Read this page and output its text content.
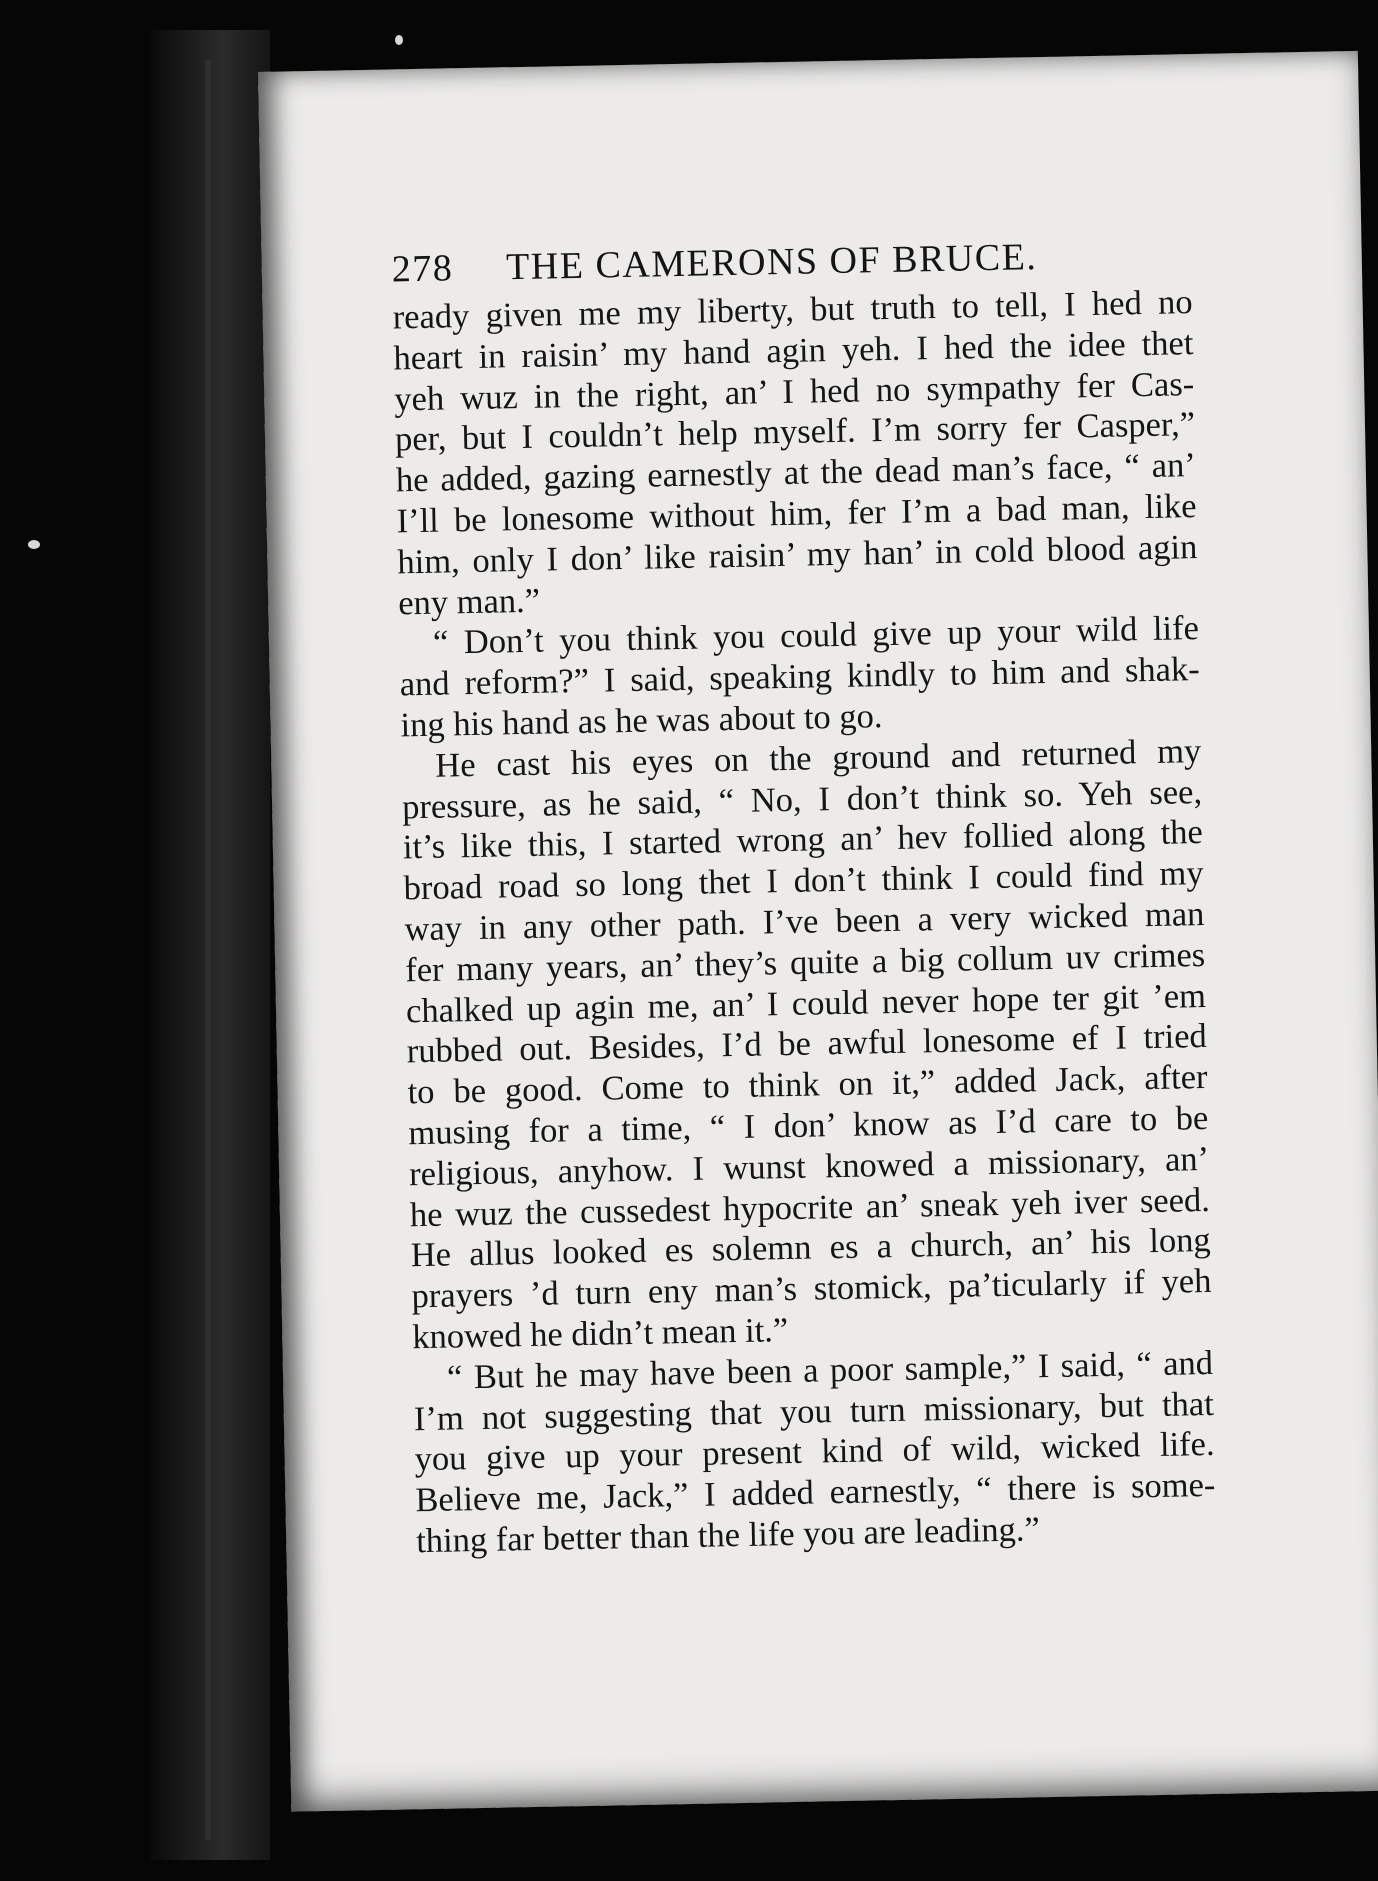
278 THE CAMERONS OF BRUCE.
ready given me my liberty, but truth to tell, I hed no
heart in raisin’ my hand agin yeh. I hed the idee thet
yeh wuz in the right, an’ I hed no sympathy fer Cas-
per, but I couldn’t help myself. I’m sorry fer Casper,”
he added, gazing earnestly at the dead man’s face, “ an’
I’ll be lonesome without him, fer I’m a bad man, like
him, only I don’ like raisin’ my han’ in cold blood agin
eny man.”
“ Don’t you think you could give up your wild life
and reform?” I said, speaking kindly to him and shak-
ing his hand as he was about to go.
He cast his eyes on the ground and returned my
pressure, as he said, “ No, I don’t think so. Yeh see,
it’s like this, I started wrong an’ hev follied along the
broad road so long thet I don’t think I could find my
way in any other path. I’ve been a very wicked man
fer many years, an’ they’s quite a big collum uv crimes
chalked up agin me, an’ I could never hope ter git ’em
rubbed out. Besides, I’d be awful lonesome ef I tried
to be good. Come to think on it,” added Jack, after
musing for a time, “ I don’ know as I’d care to be
religious, anyhow. I wunst knowed a missionary, an’
he wuz the cussedest hypocrite an’ sneak yeh iver seed.
He allus looked es solemn es a church, an’ his long
prayers ’d turn eny man’s stomick, pa’ticularly if yeh
knowed he didn’t mean it.”
“ But he may have been a poor sample,” I said, “ and
I’m not suggesting that you turn missionary, but that
you give up your present kind of wild, wicked life.
Believe me, Jack,” I added earnestly, “ there is some-
thing far better than the life you are leading.”
